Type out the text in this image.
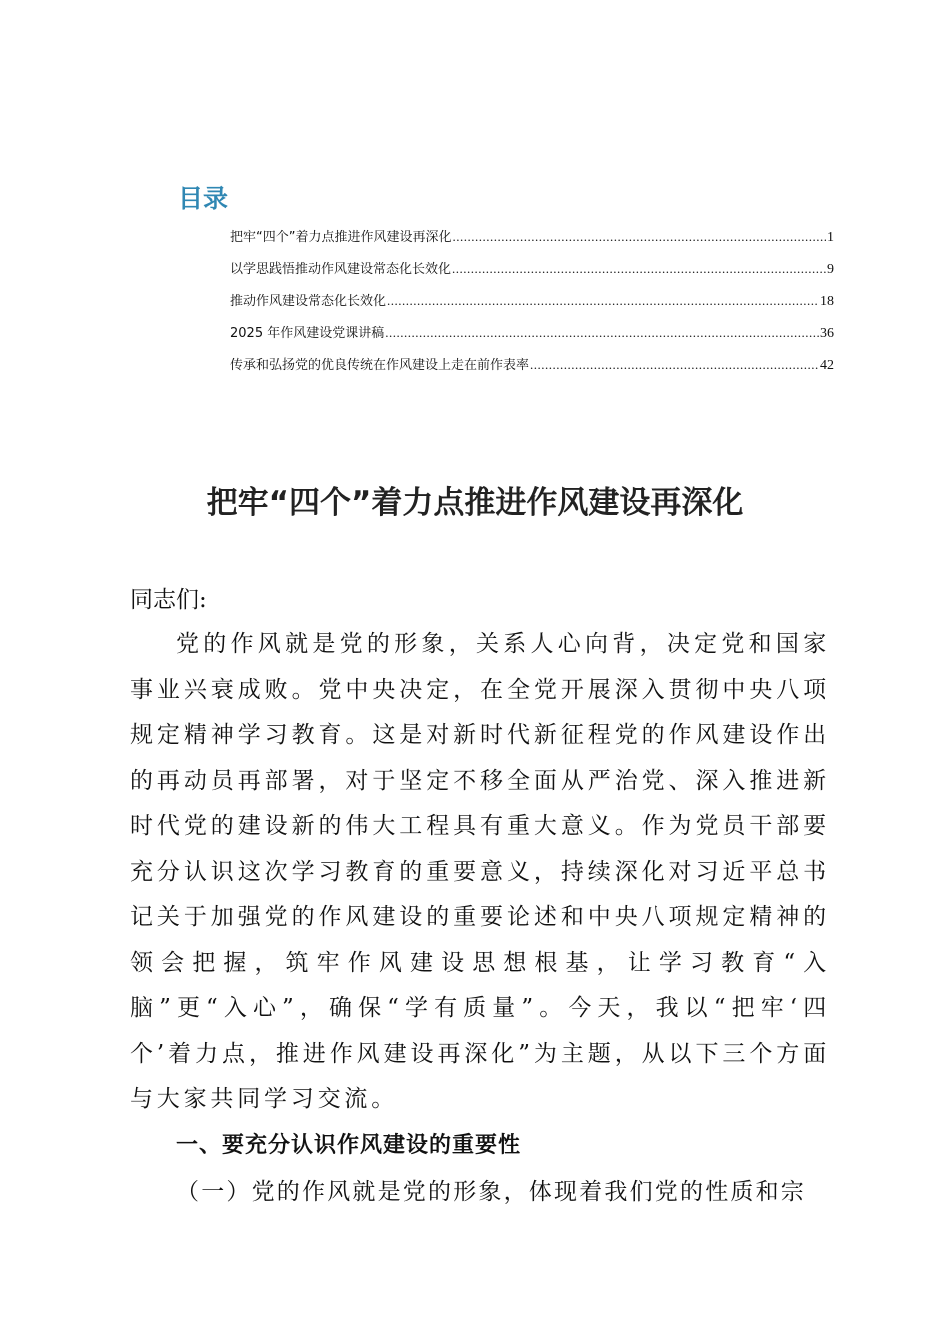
目录
把牢“四个”着力点推进作风建设再深化 .....	1
以学思践悟推动作风建设常态化长效化 .....	9
推动作风建设常态化长效化 .....	18
2025 年作风建设党课讲稿 .....	36
传承和弘扬党的优良传统在作风建设上走在前作表率 .....	42
把牢“四个”着力点推进作风建设再深化

同志们:

党的作风就是党的形象，关系人心向背，决定党和国家事业兴衰成败。党中央决定，在全党开展深入贯彻中央八项规定精神学习教育。这是对新时代新征程党的作风建设作出的再动员再部署，对于坚定不移全面从严治党、深入推进新时代党的建设新的伟大工程具有重大意义。作为党员干部要充分认识这次学习教育的重要意义，持续深化对习近平总书记关于加强党的作风建设的重要论述和中央八项规定精神的领会把握，筑牢作风建设思想根基，让学习教育“入脑”更“入心”，确保“学有质量”。今天，我以“把牢‘四个’着力点，推进作风建设再深化”为主题，从以下三个方面与大家共同学习交流。

一、要充分认识作风建设的重要性

（一）党的作风就是党的形象，体现着我们党的性质和宗
